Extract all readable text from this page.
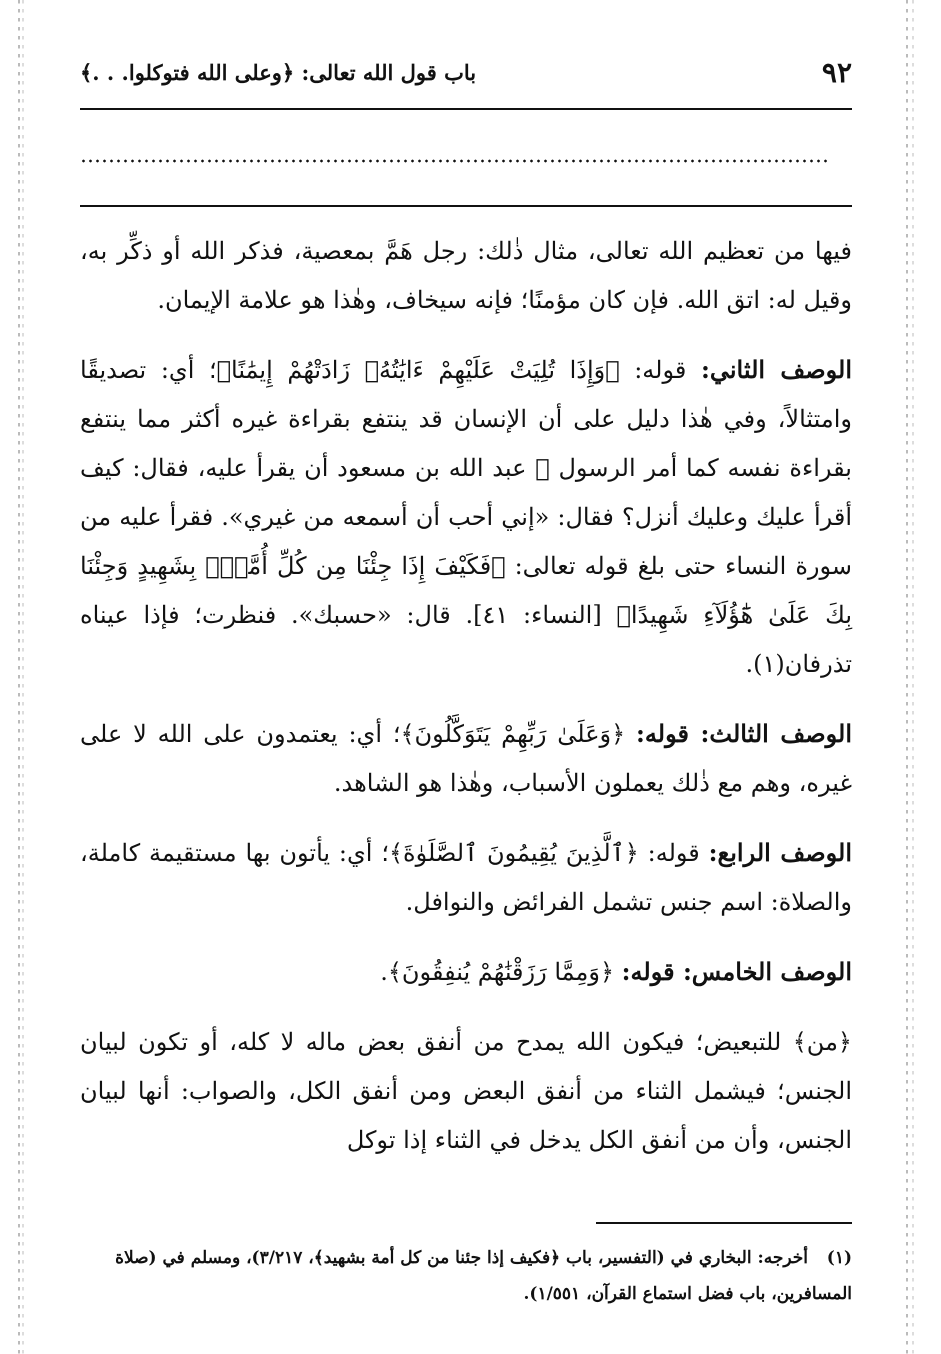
٩٢
باب قول الله تعالى: ﴿وعلى الله فتوكلوا. . .﴾

فيها من تعظيم الله تعالى، مثال ذٰلك: رجل هَمَّ بمعصية، فذكر الله أو ذكِّر به، وقيل له: اتق الله. فإن كان مؤمنًا؛ فإنه سيخاف، وهٰذا هو علامة الإيمان.

الوصف الثاني: قوله: ﴿وَإِذَا تُلِيَتْ عَلَيْهِمْ ءَايَٰتُهُۥ زَادَتْهُمْ إِيمَٰنًا﴾؛ أي: تصديقًا وامتثالاً، وفي هٰذا دليل على أن الإنسان قد ينتفع بقراءة غيره أكثر مما ينتفع بقراءة نفسه كما أمر الرسول ﷺ عبد الله بن مسعود أن يقرأ عليه، فقال: كيف أقرأ عليك وعليك أنزل؟ فقال: «إني أحب أن أسمعه من غيري». فقرأ عليه من سورة النساء حتى بلغ قوله تعالى: ﴿فَكَيْفَ إِذَا جِئْنَا مِن كُلِّ أُمَّةٍۭ بِشَهِيدٍ وَجِئْنَا بِكَ عَلَىٰ هَٰٓؤُلَآءِ شَهِيدًا﴾ [النساء: ٤١]. قال: «حسبك». فنظرت؛ فإذا عيناه تذرفان(١).

الوصف الثالث: قوله: ﴿وَعَلَىٰ رَبِّهِمْ يَتَوَكَّلُونَ﴾؛ أي: يعتمدون على الله لا على غيره، وهم مع ذٰلك يعملون الأسباب، وهٰذا هو الشاهد.

الوصف الرابع: قوله: ﴿ٱلَّذِينَ يُقِيمُونَ ٱلصَّلَوٰةَ﴾؛ أي: يأتون بها مستقيمة كاملة، والصلاة: اسم جنس تشمل الفرائض والنوافل.

الوصف الخامس: قوله: ﴿وَمِمَّا رَزَقْنَٰهُمْ يُنفِقُونَ﴾.

﴿من﴾ للتبعيض؛ فيكون الله يمدح من أنفق بعض ماله لا كله، أو تكون لبيان الجنس؛ فيشمل الثناء من أنفق البعض ومن أنفق الكل، والصواب: أنها لبيان الجنس، وأن من أنفق الكل يدخل في الثناء إذا توكل

(١)أخرجه: البخاري في (التفسير، باب ﴿فكيف إذا جئنا من كل أمة بشهيد﴾، ٣/٢١٧)، ومسلم في (صلاة المسافرين، باب فضل استماع القرآن، ١/٥٥١).
